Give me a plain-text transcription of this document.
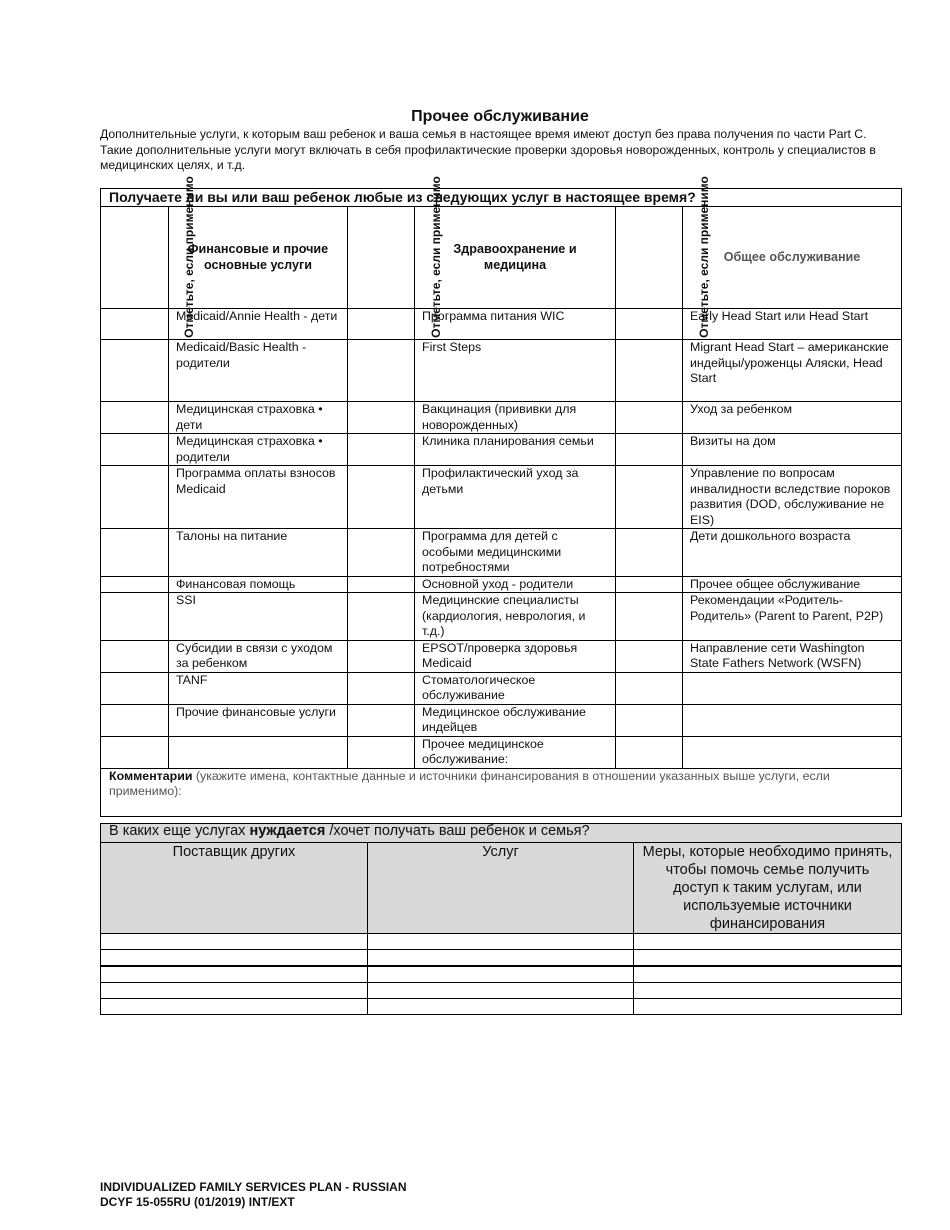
Прочее обслуживание
Дополнительные услуги, к которым ваш ребенок и ваша семья в настоящее время имеют доступ без права получения по части Part C. Такие дополнительные услуги могут включать в себя профилактические проверки здоровья новорожденных, контроль у специалистов в медицинских целях, и т.д.
Получаете ли вы или ваш ребенок любые из следующих услуг в настоящее время?					
Отметьте, если применимо	Финансовые и прочие основные услуги	Отметьте, если применимо	Здравоохранение и медицина	Отметьте, если применимо	Общее обслуживание
	Medicaid/Annie Health - дети		Программа питания WIC		Early Head Start или Head Start
	Medicaid/Basic Health - родители		First Steps		Migrant Head Start – американские индейцы/уроженцы Аляски, Head Start
	Медицинская страховка • дети		Вакцинация (прививки для новорожденных)		Уход за ребенком
	Медицинская страховка • родители		Клиника планирования семьи		Визиты на дом
	Программа оплаты взносов Medicaid		Профилактический уход за детьми		Управление по вопросам инвалидности вследствие пороков развития (DOD, обслуживание не EIS)
	Талоны на питание		Программа для детей с особыми медицинскими потребностями		Дети дошкольного возраста
	Финансовая помощь		Основной уход - родители		Прочее общее обслуживание
	SSI		Медицинские специалисты (кардиология, неврология, и т.д.)		Рекомендации «Родитель-Родитель» (Parent to Parent, P2P)
	Субсидии в связи с уходом за ребенком		EPSOT/проверка здоровья Medicaid		Направление сети Washington State Fathers Network (WSFN)
	TANF		Стоматологическое обслуживание		
	Прочие финансовые услуги		Медицинское обслуживание индейцев		
			Прочее медицинское обслуживание:		
Комментарии (укажите имена, контактные данные и источники финансирования в отношении указанных выше услуги, если применимо):					
В каких еще услугах нуждается /хочет получать ваш ребенок и семья?		
Поставщик других	Услуг	Меры, которые необходимо принять, чтобы помочь семье получить доступ к таким услугам, или используемые источники финансирования

INDIVIDUALIZED FAMILY SERVICES PLAN - RUSSIAN
DCYF 15-055RU (01/2019) INT/EXT
